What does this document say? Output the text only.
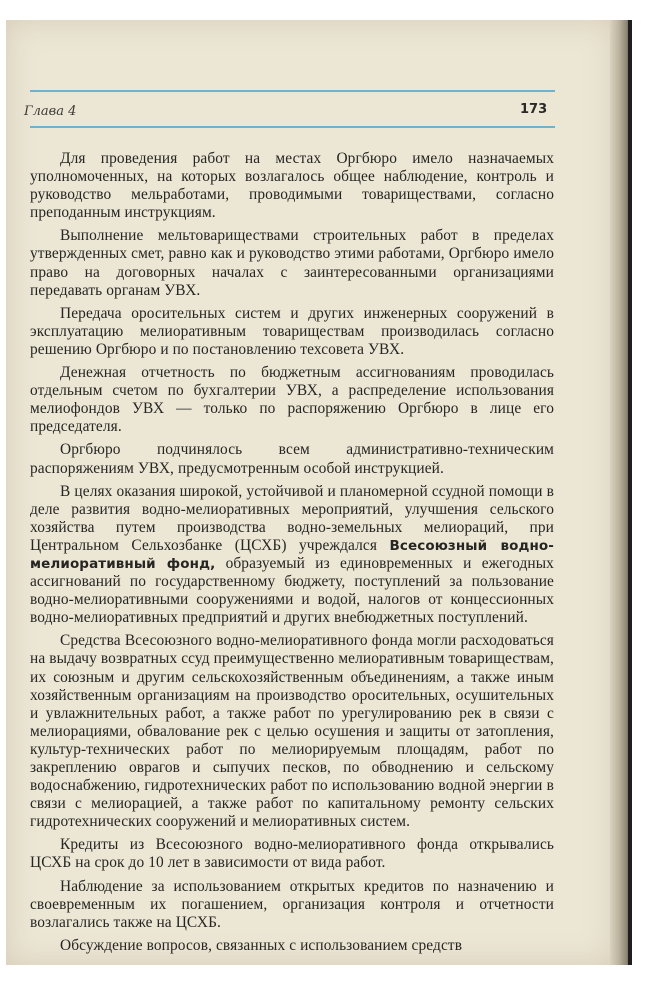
Глава 4	173

Для проведения работ на местах Оргбюро имело назначаемых уполномоченных, на которых возлагалось общее наблюдение, контроль и руководство мельработами, проводимыми товариществами, согласно преподанным инструкциям.

Выполнение мельтовариществами строительных работ в пределах утвержденных смет, равно как и руководство этими работами, Оргбюро имело право на договорных началах с заинтересованными организациями передавать органам УВХ.

Передача оросительных систем и других инженерных сооружений в эксплуатацию мелиоративным товариществам производилась согласно решению Оргбюро и по постановлению техсовета УВХ.

Денежная отчетность по бюджетным ассигнованиям проводилась отдельным счетом по бухгалтерии УВХ, а распределение использования мелиофондов УВХ — только по распоряжению Оргбюро в лице его председателя.

Оргбюро подчинялось всем административно-техническим распоряжениям УВХ, предусмотренным особой инструкцией.

В целях оказания широкой, устойчивой и планомерной ссудной помощи в деле развития водно-мелиоративных мероприятий, улучшения сельского хозяйства путем производства водно-земельных мелиораций, при Центральном Сельхозбанке (ЦСХБ) учреждался Всесоюзный водно-мелиоративный фонд, образуемый из единовременных и ежегодных ассигнований по государственному бюджету, поступлений за пользование водно-мелиоративными сооружениями и водой, налогов от концессионных водно-мелиоративных предприятий и других внебюджетных поступлений.

Средства Всесоюзного водно-мелиоративного фонда могли расходоваться на выдачу возвратных ссуд преимущественно мелиоративным товариществам, их союзным и другим сельскохозяйственным объединениям, а также иным хозяйственным организациям на производство оросительных, осушительных и увлажнительных работ, а также работ по урегулированию рек в связи с мелиорациями, обвалование рек с целью осушения и защиты от затопления, культур-технических работ по мелиорируемым площадям, работ по закреплению оврагов и сыпучих песков, по обводнению и сельскому водоснабжению, гидротехнических работ по использованию водной энергии в связи с мелиорацией, а также работ по капитальному ремонту сельских гидротехнических сооружений и мелиоративных систем.

Кредиты из Всесоюзного водно-мелиоративного фонда открывались ЦСХБ на срок до 10 лет в зависимости от вида работ.

Наблюдение за использованием открытых кредитов по назначению и своевременным их погашением, организация контроля и отчетности возлагались также на ЦСХБ.

Обсуждение вопросов, связанных с использованием средств
